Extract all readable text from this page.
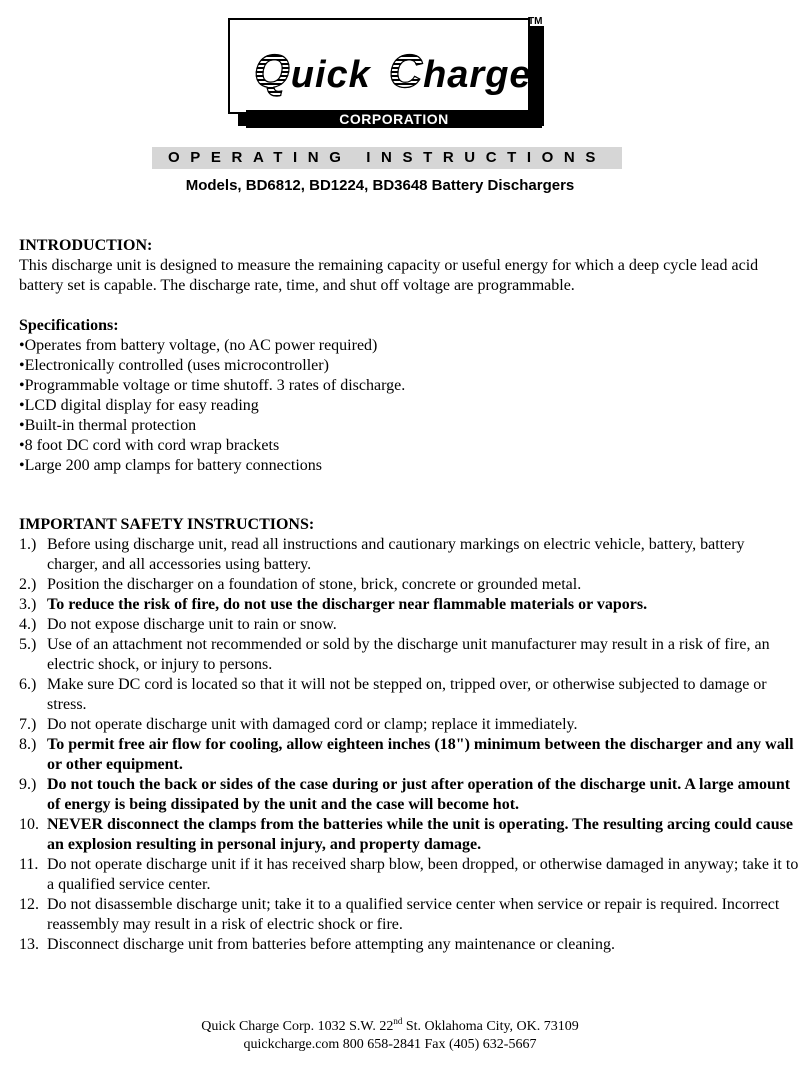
Quick Charge
CORPORATION
TM
OPERATING INSTRUCTIONS
Models, BD6812, BD1224, BD3648 Battery Dischargers

INTRODUCTION:

This discharge unit is designed to measure the remaining capacity or useful energy for which a deep cycle lead acid battery set is capable. The discharge rate, time, and shut off voltage are programmable.

Specifications:

• Operates from battery voltage, (no AC power required)
• Electronically controlled (uses microcontroller)
• Programmable voltage or time shutoff. 3 rates of discharge.
• LCD digital display for easy reading
• Built-in thermal protection
• 8 foot DC cord with cord wrap brackets
• Large 200 amp clamps for battery connections

IMPORTANT SAFETY INSTRUCTIONS:

1.) Before using discharge unit, read all instructions and cautionary markings on electric vehicle, battery, battery charger, and all accessories using battery.
2.) Position the discharger on a foundation of stone, brick, concrete or grounded metal.
3.) To reduce the risk of fire, do not use the discharger near flammable materials or vapors.
4.) Do not expose discharge unit to rain or snow.
5.) Use of an attachment not recommended or sold by the discharge unit manufacturer may result in a risk of fire, an electric shock, or injury to persons.
6.) Make sure DC cord is located so that it will not be stepped on, tripped over, or otherwise subjected to damage or stress.
7.) Do not operate discharge unit with damaged cord or clamp; replace it immediately.
8.) To permit free air flow for cooling, allow eighteen inches (18") minimum between the discharger and any wall or other equipment.
9.) Do not touch the back or sides of the case during or just after operation of the discharge unit. A large amount of energy is being dissipated by the unit and the case will become hot.
10. NEVER disconnect the clamps from the batteries while the unit is operating. The resulting arcing could cause an explosion resulting in personal injury, and property damage.
11. Do not operate discharge unit if it has received sharp blow, been dropped, or otherwise damaged in anyway; take it to a qualified service center.
12. Do not disassemble discharge unit; take it to a qualified service center when service or repair is required. Incorrect reassembly may result in a risk of electric shock or fire.
13. Disconnect discharge unit from batteries before attempting any maintenance or cleaning.
Quick Charge Corp. 1032 S.W. 22nd St. Oklahoma City, OK. 73109
quickcharge.com 800 658-2841 Fax (405) 632-5667
